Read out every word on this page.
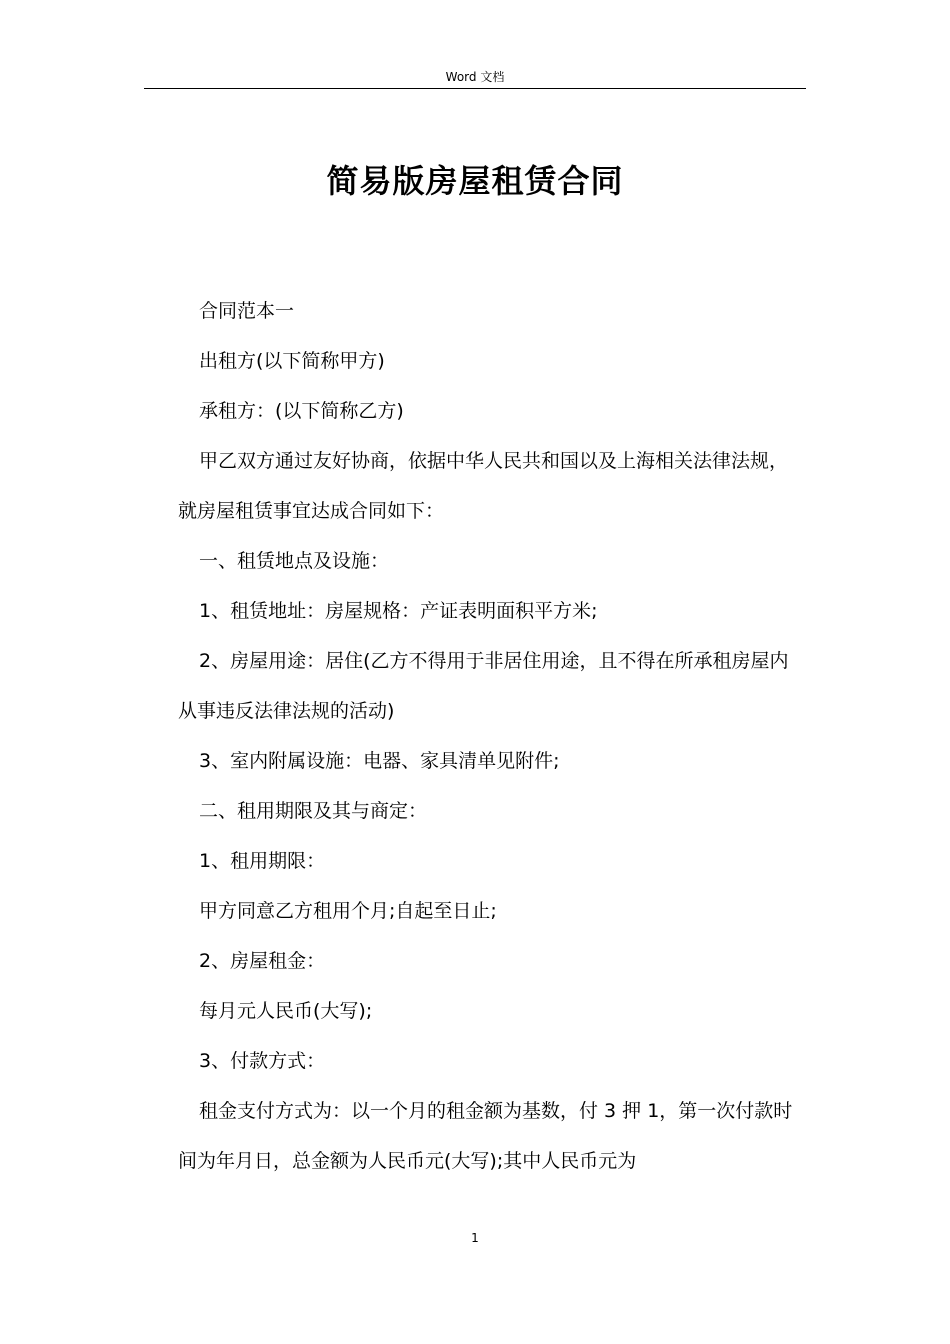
Word 文档
简易版房屋租赁合同

合同范本一

出租方(以下简称甲方)

承租方：(以下简称乙方)

甲乙双方通过友好协商，依据中华人民共和国以及上海相关法律法规，就房屋租赁事宜达成合同如下：

一、租赁地点及设施：

1、租赁地址：房屋规格：产证表明面积平方米;

2、房屋用途：居住(乙方不得用于非居住用途，且不得在所承租房屋内从事违反法律法规的活动)

3、室内附属设施：电器、家具清单见附件;

二、租用期限及其与商定：

1、租用期限：

甲方同意乙方租用个月;自起至日止;

2、房屋租金：

每月元人民币(大写);

3、付款方式：

租金支付方式为：以一个月的租金额为基数，付 3 押 1，第一次付款时间为年月日，总金额为人民币元(大写);其中人民币元为

1
